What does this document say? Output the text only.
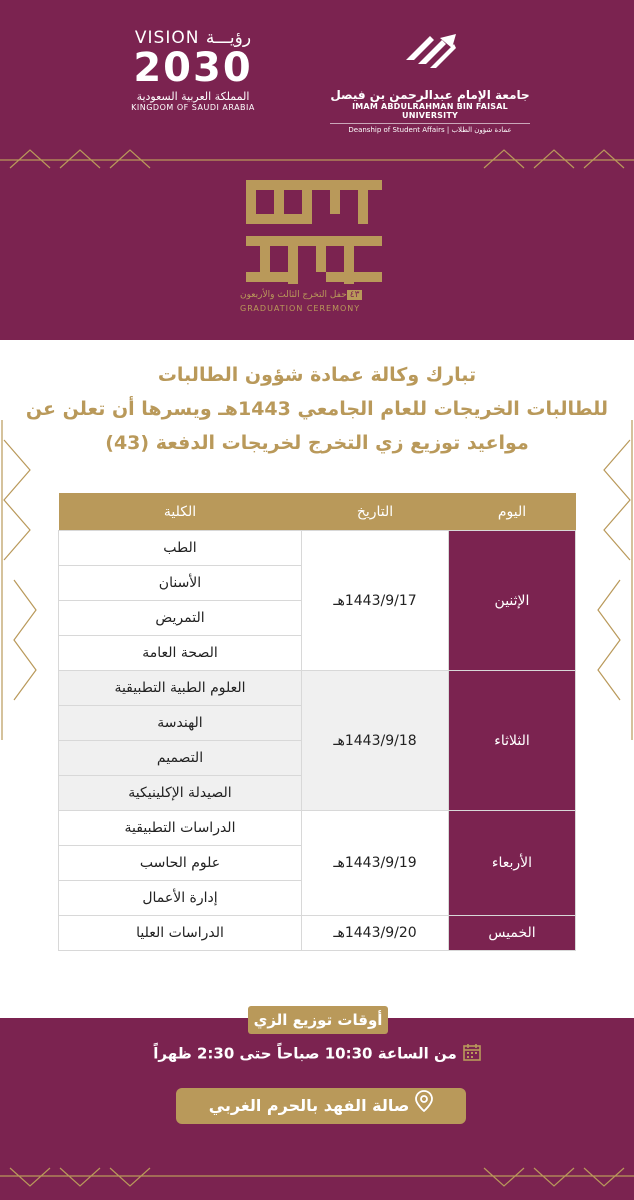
VISION رؤيـــة
2030
المملكة العربية السعودية
KINGDOM OF SAUDI ARABIA
جامعة الإمام عبدالرحمن بن فيصل
IMAM ABDULRAHMAN BIN FAISAL UNIVERSITY
Deanship of Student Affairs | عمادة شؤون الطلاب
٤٣حفل التخرج الثالث والأربعون
GRADUATION CEREMONY
تبارك وكالة عمادة شؤون الطالبات
للطالبات الخريجات للعام الجامعي 1443هـ ويسرها أن تعلن عن
مواعيد توزيع زي التخرج لخريجات الدفعة (43)
اليوم	التاريخ	الكلية
الإثنين	1443/9/17هـ	الطب
		الأسنان
		التمريض
		الصحة العامة
الثلاثاء	1443/9/18هـ	العلوم الطبية التطبيقية
		الهندسة
		التصميم
		الصيدلة الإكلينيكية
الأربعاء	1443/9/19هـ	الدراسات التطبيقية
		علوم الحاسب
		إدارة الأعمال
الخميس	1443/9/20هـ	الدراسات العليا
أوقات توزيع الزي
من الساعة 10:30 صباحاً حتى 2:30 ظهراً
صالة الفهد بالحرم الغربي
